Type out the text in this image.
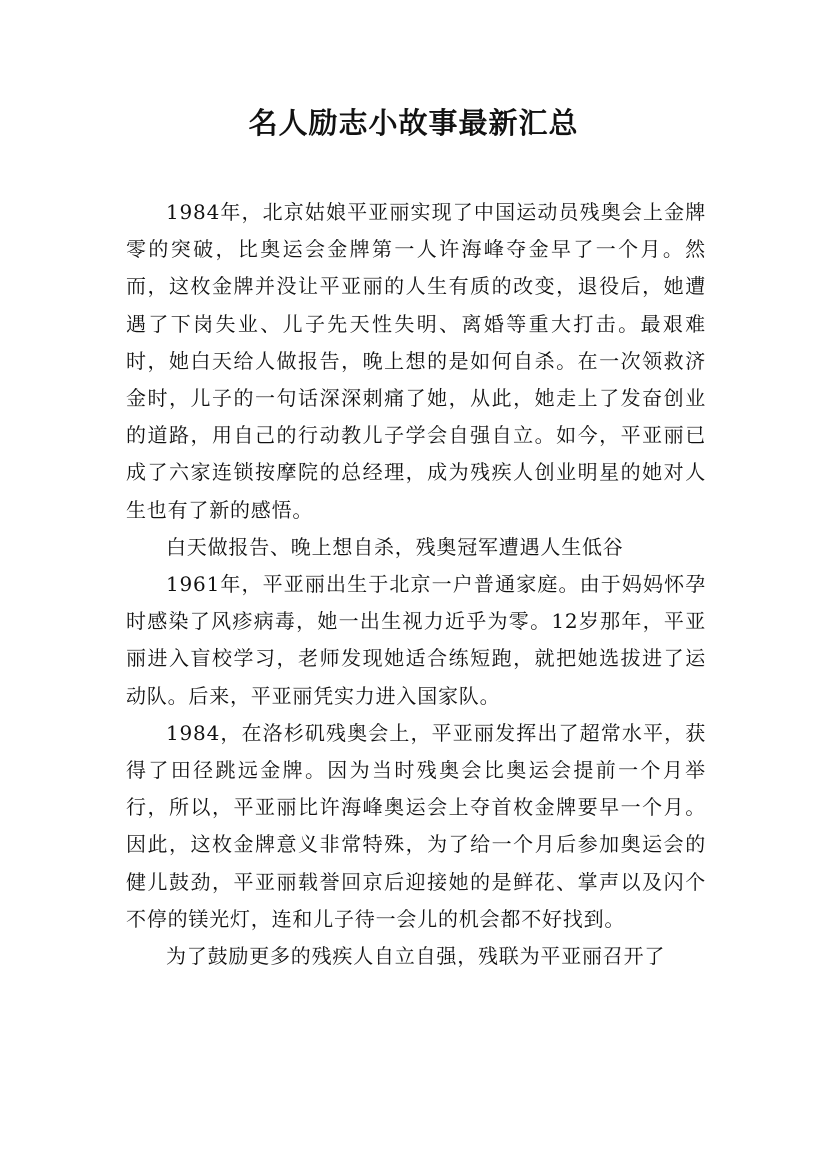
名人励志小故事最新汇总

1984年，北京姑娘平亚丽实现了中国运动员残奥会上金牌零的突破，比奥运会金牌第一人许海峰夺金早了一个月。然而，这枚金牌并没让平亚丽的人生有质的改变，退役后，她遭遇了下岗失业、儿子先天性失明、离婚等重大打击。最艰难时，她白天给人做报告，晚上想的是如何自杀。在一次领救济金时，儿子的一句话深深刺痛了她，从此，她走上了发奋创业的道路，用自己的行动教儿子学会自强自立。如今，平亚丽已成了六家连锁按摩院的总经理，成为残疾人创业明星的她对人生也有了新的感悟。

白天做报告、晚上想自杀，残奥冠军遭遇人生低谷

1961年，平亚丽出生于北京一户普通家庭。由于妈妈怀孕时感染了风疹病毒，她一出生视力近乎为零。12岁那年，平亚丽进入盲校学习，老师发现她适合练短跑，就把她选拔进了运动队。后来，平亚丽凭实力进入国家队。

1984，在洛杉矶残奥会上，平亚丽发挥出了超常水平，获得了田径跳远金牌。因为当时残奥会比奥运会提前一个月举行，所以，平亚丽比许海峰奥运会上夺首枚金牌要早一个月。因此，这枚金牌意义非常特殊，为了给一个月后参加奥运会的健儿鼓劲，平亚丽载誉回京后迎接她的是鲜花、掌声以及闪个不停的镁光灯，连和儿子待一会儿的机会都不好找到。

为了鼓励更多的残疾人自立自强，残联为平亚丽召开了
